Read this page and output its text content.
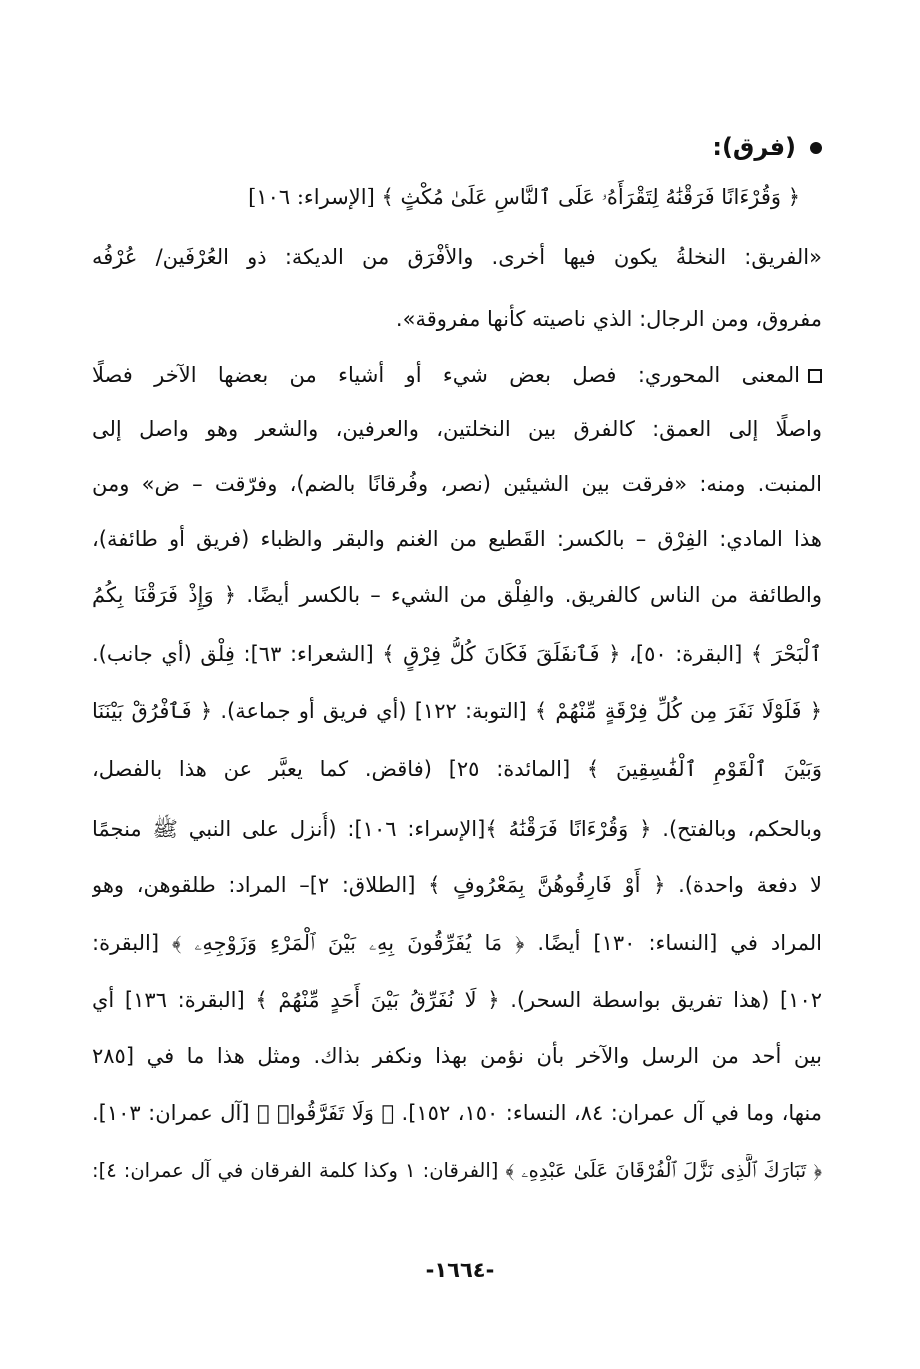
(فرق):
﴿ وَقُرْءَانًا فَرَقْنَٰهُ لِتَقْرَأَهُۥ عَلَى ٱلنَّاسِ عَلَىٰ مُكْثٍ ﴾ [الإسراء: ١٠٦]
«الفريق: النخلةُ يكون فيها أخرى. والأفْرَق من الديكة: ذو العُرْفَين/ عُرْفُه
مفروق، ومن الرجال: الذي ناصيته كأنها مفروقة».
المعنى المحوري: فصل بعض شيء أو أشياء من بعضها الآخر فصلًا
واصلًا إلى العمق: كالفرق بين النخلتين، والعرفين، والشعر وهو واصل إلى
المنبت. ومنه: «فرقت بين الشيئين (نصر، وفُرقانًا بالضم)، وفرّقت – ض» ومن
هذا المادي: الفِرْق – بالكسر: القَطيع من الغنم والبقر والظباء (فريق أو طائفة)،
والطائفة من الناس كالفريق. والفِلْق من الشيء – بالكسر أيضًا. ﴿ وَإِذْ فَرَقْنَا بِكُمُ
ٱلْبَحْرَ ﴾ [البقرة: ٥٠]، ﴿ فَٱنفَلَقَ فَكَانَ كُلُّ فِرْقٍ ﴾ [الشعراء: ٦٣]: فِلْق (أي جانب).
﴿ فَلَوْلَا نَفَرَ مِن كُلِّ فِرْقَةٍ مِّنْهُمْ ﴾ [التوبة: ١٢٢] (أي فريق أو جماعة). ﴿ فَٱفْرُقْ بَيْنَنَا
وَبَيْنَ ٱلْقَوْمِ ٱلْفَٰسِقِينَ ﴾ [المائدة: ٢٥] (فاقض. كما يعبَّر عن هذا بالفصل،
وبالحكم، وبالفتح). ﴿ وَقُرْءَانًا فَرَقْنَٰهُ ﴾[الإسراء: ١٠٦]: (أُنزل على النبي ﷺ منجمًا
لا دفعة واحدة). ﴿ أَوْ فَارِقُوهُنَّ بِمَعْرُوفٍ ﴾ [الطلاق: ٢]– المراد: طلقوهن، وهو
المراد في [النساء: ١٣٠] أيضًا. ﴿ مَا يُفَرِّقُونَ بِهِۦ بَيْنَ ٱلْمَرْءِ وَزَوْجِهِۦ ﴾ [البقرة:
١٠٢] (هذا تفريق بواسطة السحر). ﴿ لَا نُفَرِّقُ بَيْنَ أَحَدٍ مِّنْهُمْ ﴾ [البقرة: ١٣٦] أي
بين أحد من الرسل والآخر بأن نؤمن بهذا ونكفر بذاك. ومثل هذا ما في [٢٨٥
منها، وما في آل عمران: ٨٤، النساء: ١٥٠، ١٥٢]. ﴿ وَلَا تَفَرَّقُوا۟ ﴾ [آل عمران: ١٠٣].
﴿ تَبَارَكَ ٱلَّذِى نَزَّلَ ٱلْفُرْقَانَ عَلَىٰ عَبْدِهِۦ ﴾ [الفرقان: ١ وكذا كلمة الفرقان في آل عمران: ٤]:
-١٦٦٤-
